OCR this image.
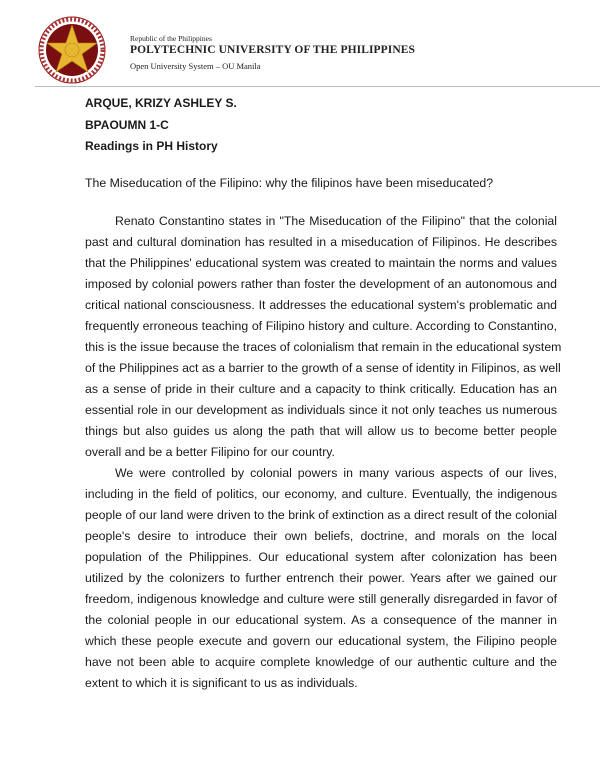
Republic of the Philippines
POLYTECHNIC UNIVERSITY OF THE PHILIPPINES
Open University System – OU Manila
ARQUE, KRIZY ASHLEY S.
BPAOUMN 1-C
Readings in PH History
The Miseducation of the Filipino: why the filipinos have been miseducated?
Renato Constantino states in "The Miseducation of the Filipino" that the colonial
past and cultural domination has resulted in a miseducation of Filipinos. He describes
that the Philippines' educational system was created to maintain the norms and values
imposed by colonial powers rather than foster the development of an autonomous and
critical national consciousness. It addresses the educational system's problematic and
frequently erroneous teaching of Filipino history and culture. According to Constantino,
this is the issue because the traces of colonialism that remain in the educational system
of the Philippines act as a barrier to the growth of a sense of identity in Filipinos, as well
as a sense of pride in their culture and a capacity to think critically. Education has an
essential role in our development as individuals since it not only teaches us numerous
things but also guides us along the path that will allow us to become better people
overall and be a better Filipino for our country.
We were controlled by colonial powers in many various aspects of our lives,
including in the field of politics, our economy, and culture. Eventually, the indigenous
people of our land were driven to the brink of extinction as a direct result of the colonial
people's desire to introduce their own beliefs, doctrine, and morals on the local
population of the Philippines. Our educational system after colonization has been
utilized by the colonizers to further entrench their power. Years after we gained our
freedom, indigenous knowledge and culture were still generally disregarded in favor of
the colonial people in our educational system. As a consequence of the manner in
which these people execute and govern our educational system, the Filipino people
have not been able to acquire complete knowledge of our authentic culture and the
extent to which it is significant to us as individuals.
